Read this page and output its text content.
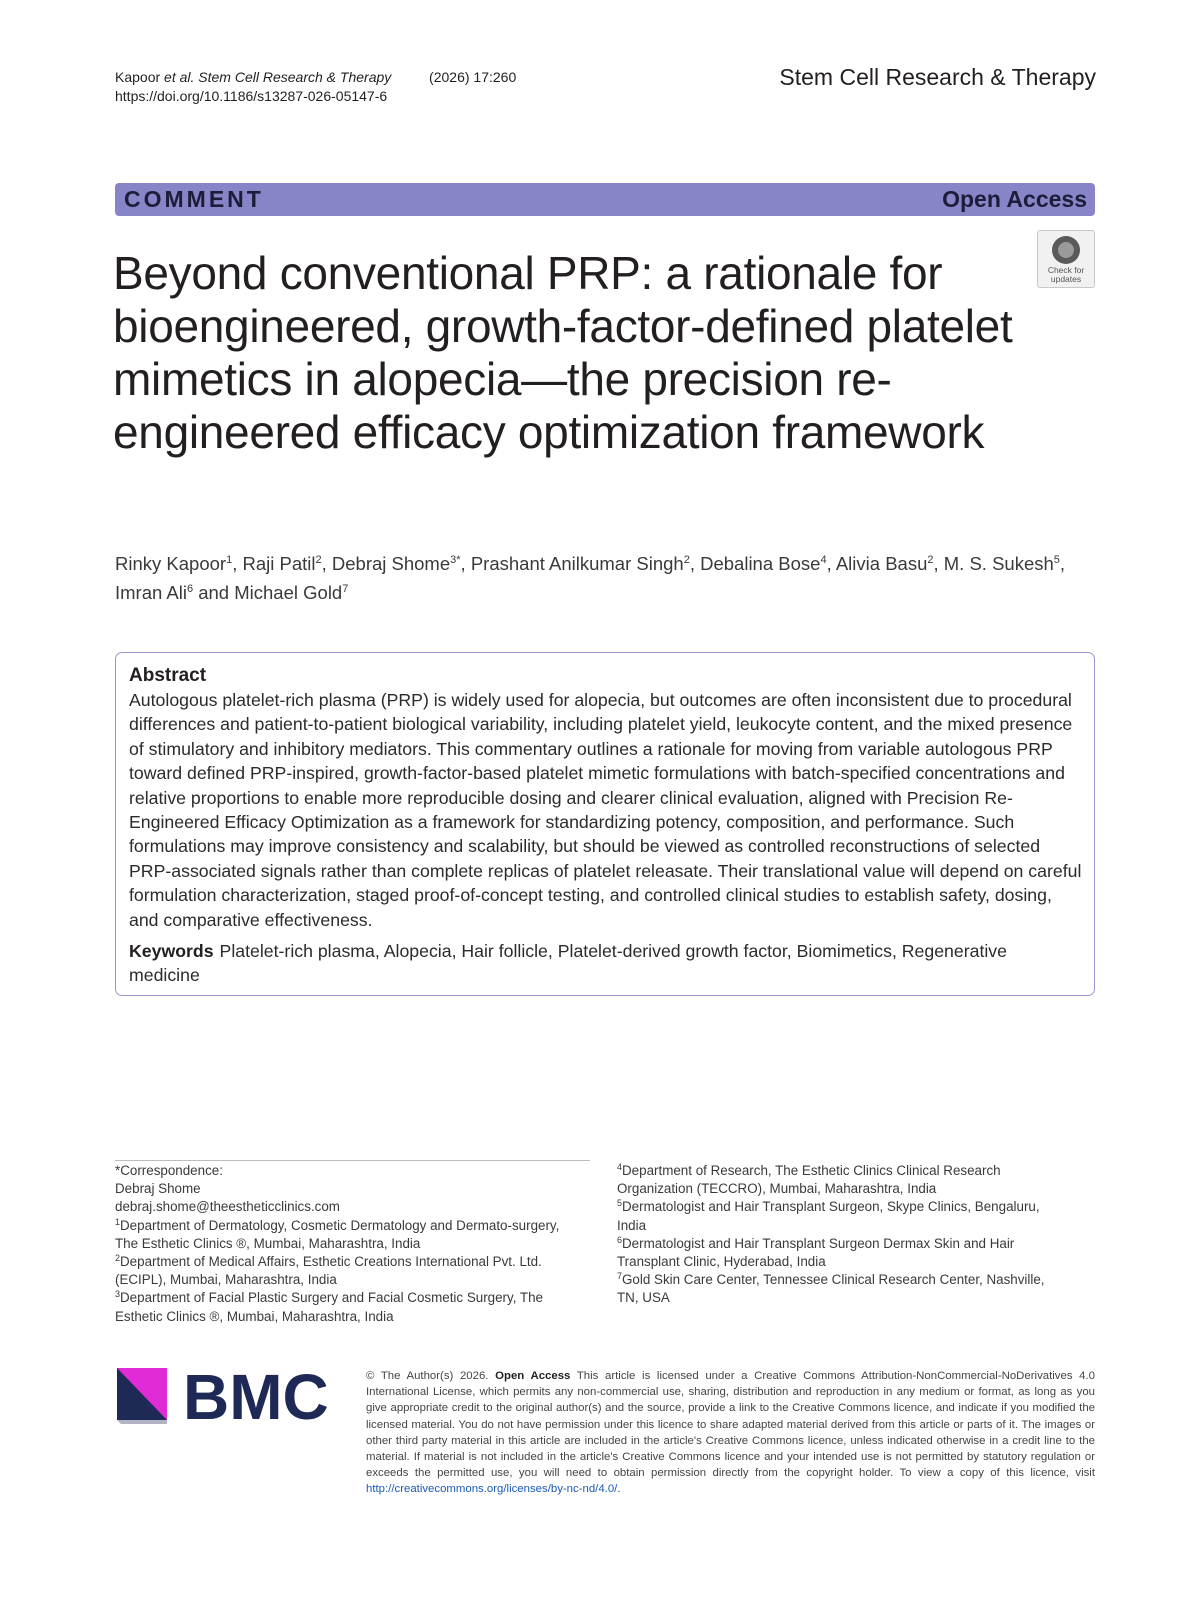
Kapoor et al. Stem Cell Research & Therapy	(2026) 17:260
https://doi.org/10.1186/s13287-026-05147-6
Stem Cell Research & Therapy
COMMENT	Open Access
Check for
updates
Beyond conventional PRP: a rationale for bioengineered, growth-factor-defined platelet mimetics in alopecia—the precision re-engineered efficacy optimization framework
Rinky Kapoor$^1$, Raji Patil$^2$, Debraj Shome$^{3*}$, Prashant Anilkumar Singh$^2$, Debalina Bose$^4$, Alivia Basu$^2$, M. S. Sukesh$^5$, Imran Ali$^6$ and Michael Gold$^7$
Abstract
Autologous platelet-rich plasma (PRP) is widely used for alopecia, but outcomes are often inconsistent due to procedural differences and patient-to-patient biological variability, including platelet yield, leukocyte content, and the mixed presence of stimulatory and inhibitory mediators. This commentary outlines a rationale for moving from variable autologous PRP toward defined PRP-inspired, growth-factor-based platelet mimetic formulations with batch-specified concentrations and relative proportions to enable more reproducible dosing and clearer clinical evaluation, aligned with Precision Re-Engineered Efficacy Optimization as a framework for standardizing potency, composition, and performance. Such formulations may improve consistency and scalability, but should be viewed as controlled reconstructions of selected PRP-associated signals rather than complete replicas of platelet releasate. Their translational value will depend on careful formulation characterization, staged proof-of-concept testing, and controlled clinical studies to establish safety, dosing, and comparative effectiveness.
Keywords Platelet-rich plasma, Alopecia, Hair follicle, Platelet-derived growth factor, Biomimetics, Regenerative medicine
*Correspondence:
Debraj Shome
debraj.shome@theestheticclinics.com
$^1$Department of Dermatology, Cosmetic Dermatology and Dermato-surgery, The Esthetic Clinics ®, Mumbai, Maharashtra, India
$^2$Department of Medical Affairs, Esthetic Creations International Pvt. Ltd. (ECIPL), Mumbai, Maharashtra, India
$^3$Department of Facial Plastic Surgery and Facial Cosmetic Surgery, The Esthetic Clinics ®, Mumbai, Maharashtra, India
$^4$Department of Research, The Esthetic Clinics Clinical Research Organization (TECCRO), Mumbai, Maharashtra, India
$^5$Dermatologist and Hair Transplant Surgeon, Skype Clinics, Bengaluru, India
$^6$Dermatologist and Hair Transplant Surgeon Dermax Skin and Hair Transplant Clinic, Hyderabad, India
$^7$Gold Skin Care Center, Tennessee Clinical Research Center, Nashville, TN, USA
BMC	© The Author(s) 2026. Open Access This article is licensed under a Creative Commons Attribution-NonCommercial-NoDerivatives 4.0 International License, which permits any non-commercial use, sharing, distribution and reproduction in any medium or format, as long as you give appropriate credit to the original author(s) and the source, provide a link to the Creative Commons licence, and indicate if you modified the licensed material. You do not have permission under this licence to share adapted material derived from this article or parts of it. The images or other third party material in this article are included in the article's Creative Commons licence, unless indicated otherwise in a credit line to the material. If material is not included in the article's Creative Commons licence and your intended use is not permitted by statutory regulation or exceeds the permitted use, you will need to obtain permission directly from the copyright holder. To view a copy of this licence, visit http://creativecommons.org/licenses/by-nc-nd/4.0/.
